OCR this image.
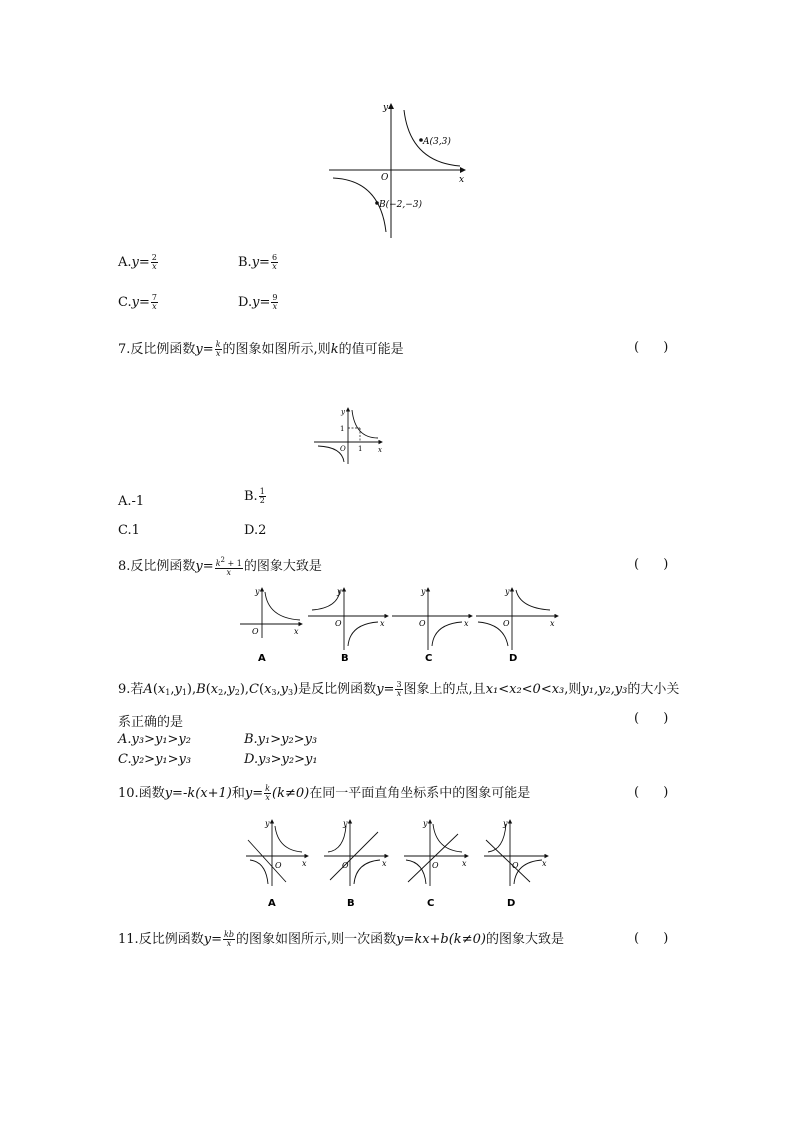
A(3,3)
B(−2,−3)
O	x
y
$A.y= \frac{2}{x}$	$B.y= \frac{6}{x}$
$C.y= \frac{7}{x}$	$D.y= \frac{9}{x}$
7.反比例函数$y= \frac{k}{x}$ 的图象如图所示,则k的值可能是	( )
1
1
O	x
y
A.-1	B. $\frac{1}{2}$
C.1	D.2
8.反比例函数$y= \frac{k^2 + 1}{x}$ 的图象大致是	( )
O	x
y
A
O	x
y
B
O	x
y
C
O	x
y
D
9.若$A(x_1,y_1),B(x_2,y_2),C(x_3,y_3)$是反比例函数$y= \frac{3}{x}$ 图象上的点,且x₁<x₂<0<x₃,则y₁,y₂,y₃的大小关
系正确的是	( )
A.y₃>y₁>y₂	B.y₁>y₂>y₃
C.y₂>y₁>y₃	D.y₃>y₂>y₁
10.函数y=-k(x+1)和$y= \frac{k}{x} (k\ne 0)$在同一平面直角坐标系中的图象可能是	( )
O	x
y
A
O	x
y
B
O	x
y
C
O	x
y
D
11.反比例函数$y= \frac{kb}{x}$ 的图象如图所示,则一次函数y=kx+b(k≠0)的图象大致是	( )
